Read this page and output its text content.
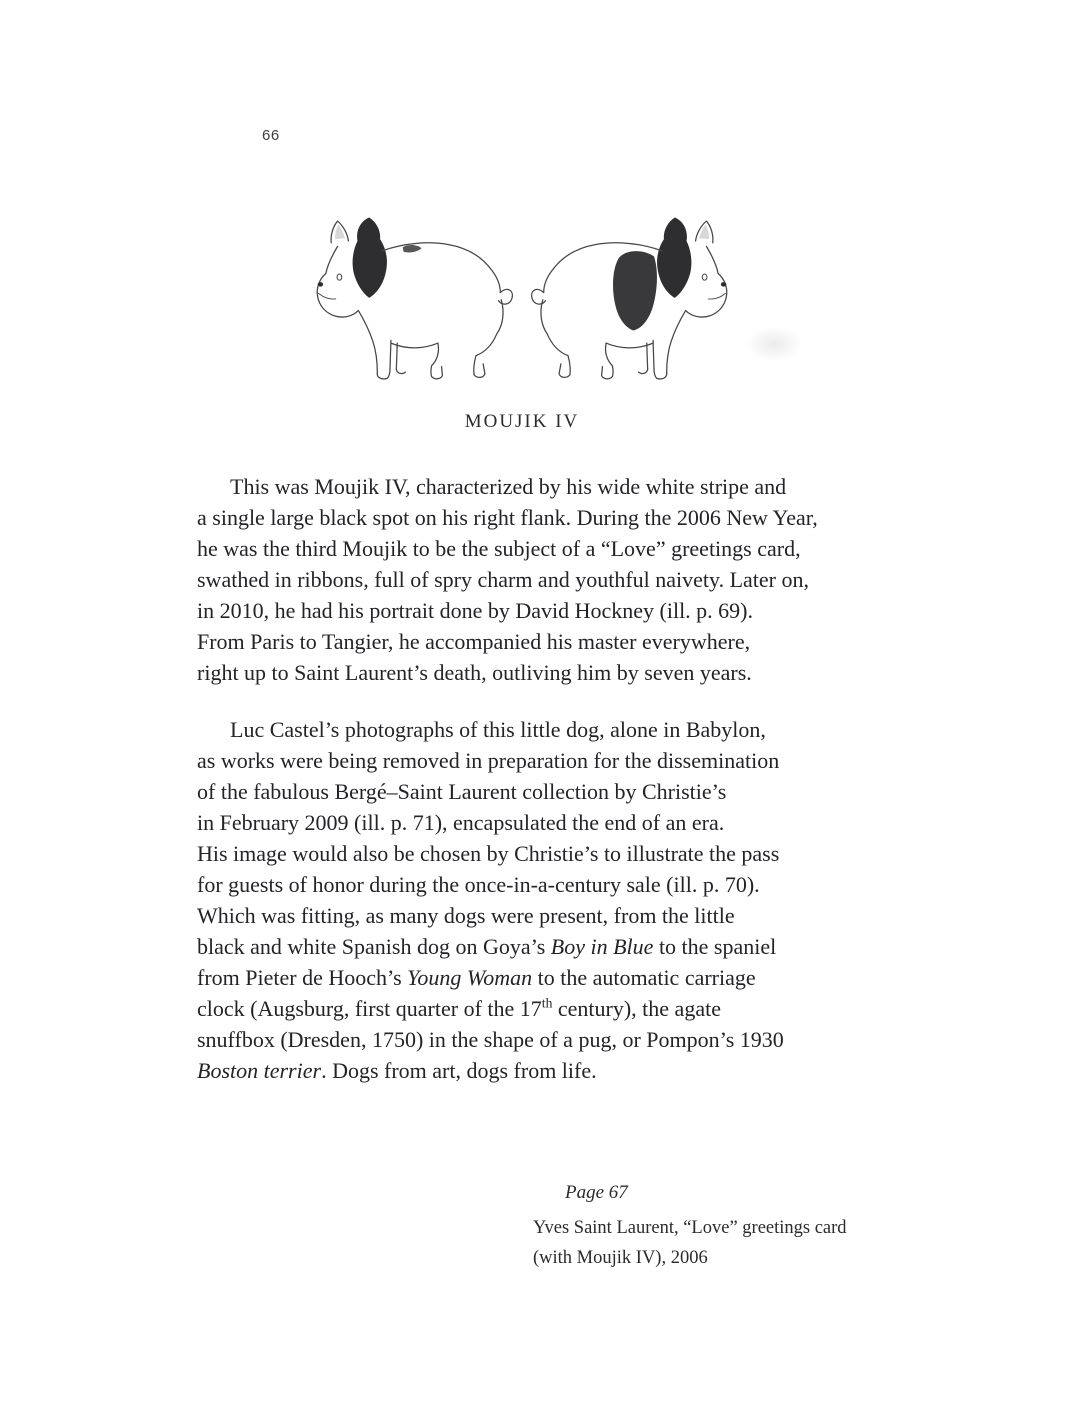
66
MOUJIK IV
This was Moujik IV, characterized by his wide white stripe and
a single large black spot on his right flank. During the 2006 New Year,
he was the third Moujik to be the subject of a “Love” greetings card,
swathed in ribbons, full of spry charm and youthful naivety. Later on,
in 2010, he had his portrait done by David Hockney (ill. p. 69).
From Paris to Tangier, he accompanied his master everywhere,
right up to Saint Laurent’s death, outliving him by seven years.
Luc Castel’s photographs of this little dog, alone in Babylon,
as works were being removed in preparation for the dissemination
of the fabulous Bergé–Saint Laurent collection by Christie’s
in February 2009 (ill. p. 71), encapsulated the end of an era.
His image would also be chosen by Christie’s to illustrate the pass
for guests of honor during the once-in-a-century sale (ill. p. 70).
Which was fitting, as many dogs were present, from the little
black and white Spanish dog on Goya’s Boy in Blue to the spaniel
from Pieter de Hooch’s Young Woman to the automatic carriage
clock (Augsburg, first quarter of the 17th century), the agate
snuffbox (Dresden, 1750) in the shape of a pug, or Pompon’s 1930
Boston terrier. Dogs from art, dogs from life.
Page 67
Yves Saint Laurent, “Love” greetings card
(with Moujik IV), 2006
